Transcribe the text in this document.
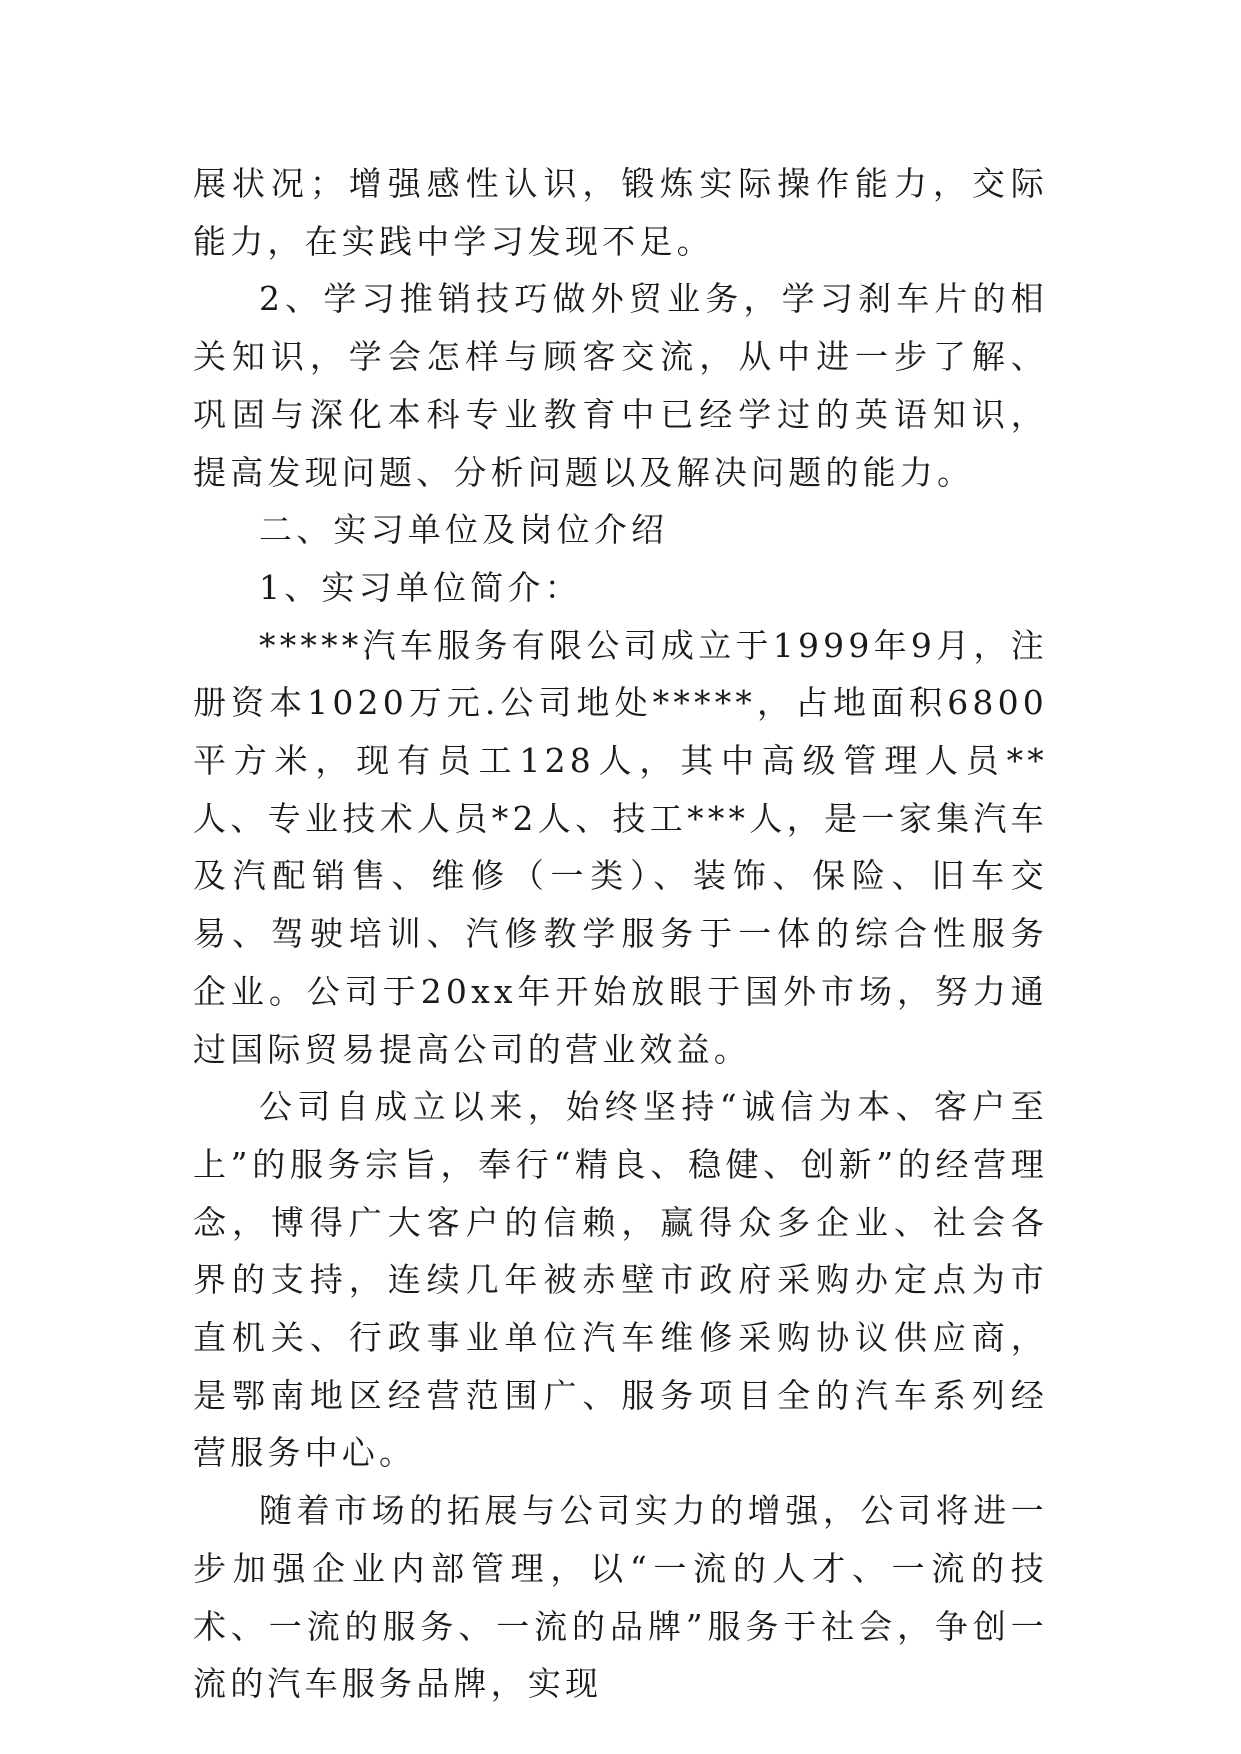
展状况；增强感性认识，锻炼实际操作能力，交际能力，在实践中学习发现不足。

2、学习推销技巧做外贸业务，学习刹车片的相关知识，学会怎样与顾客交流，从中进一步了解、巩固与深化本科专业教育中已经学过的英语知识，提高发现问题、分析问题以及解决问题的能力。

二、实习单位及岗位介绍

1、实习单位简介：

*****汽车服务有限公司成立于1999年9月，注册资本1020万元.公司地处*****，占地面积6800平方米，现有员工128人，其中高级管理人员**人、专业技术人员*2人、技工***人，是一家集汽车及汽配销售、维修（一类）、装饰、保险、旧车交易、驾驶培训、汽修教学服务于一体的综合性服务企业。公司于20xx年开始放眼于国外市场，努力通过国际贸易提高公司的营业效益。

公司自成立以来，始终坚持“诚信为本、客户至上”的服务宗旨，奉行“精良、稳健、创新”的经营理念，博得广大客户的信赖，赢得众多企业、社会各界的支持，连续几年被赤壁市政府采购办定点为市直机关、行政事业单位汽车维修采购协议供应商，是鄂南地区经营范围广、服务项目全的汽车系列经营服务中心。

随着市场的拓展与公司实力的增强，公司将进一步加强企业内部管理，以“一流的人才、一流的技术、一流的服务、一流的品牌”服务于社会，争创一流的汽车服务品牌，实现
